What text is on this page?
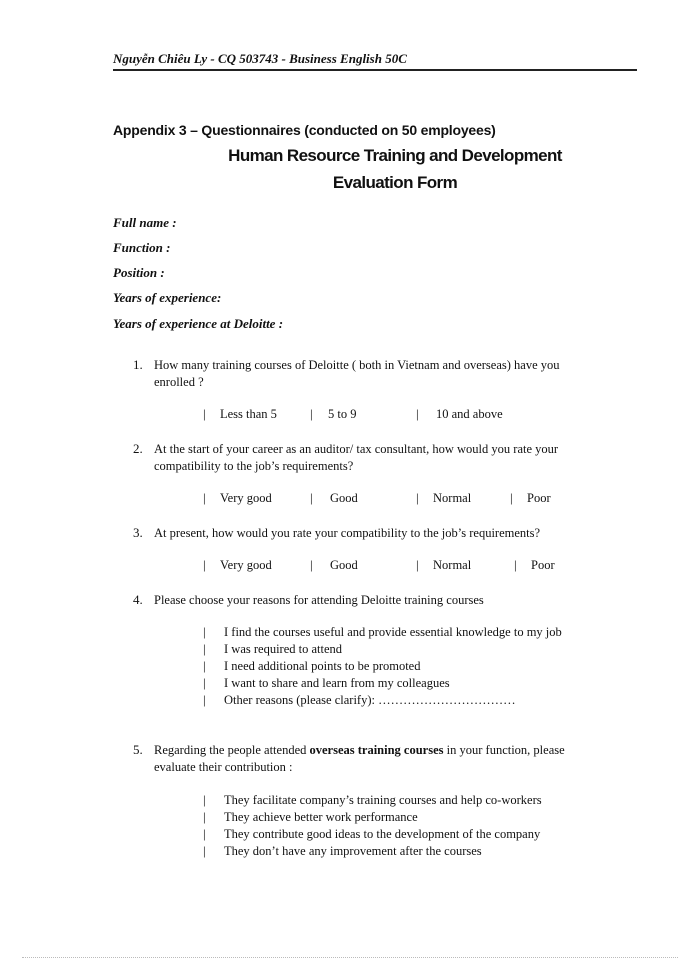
Nguyễn Chiêu Ly - CQ 503743 - Business English 50C
Appendix 3 – Questionnaires (conducted on 50 employees)
Human Resource Training and Development
Evaluation Form
Full name :
Function :
Position :
Years of experience:
Years of experience at Deloitte :
1. How many training courses of Deloitte ( both in Vietnam and overseas) have you
enrolled ?
| Less than 5	| 5 to 9	| 10 and above
2. At the start of your career as an auditor/ tax consultant, how would you rate your
compatibility to the job’s requirements?
| Very good	| Good	| Normal	| Poor
3. At present, how would you rate your compatibility to the job’s requirements?
| Very good	| Good	| Normal	| Poor
4. Please choose your reasons for attending Deloitte training courses
| I find the courses useful and provide essential knowledge to my job
| I was required to attend
| I need additional points to be promoted
| I want to share and learn from my colleagues
| Other reasons (please clarify): ……………………………
5. Regarding the people attended overseas training courses in your function, please
evaluate their contribution :
| They facilitate company’s training courses and help co-workers
| They achieve better work performance
| They contribute good ideas to the development of the company
| They don’t have any improvement after the courses
